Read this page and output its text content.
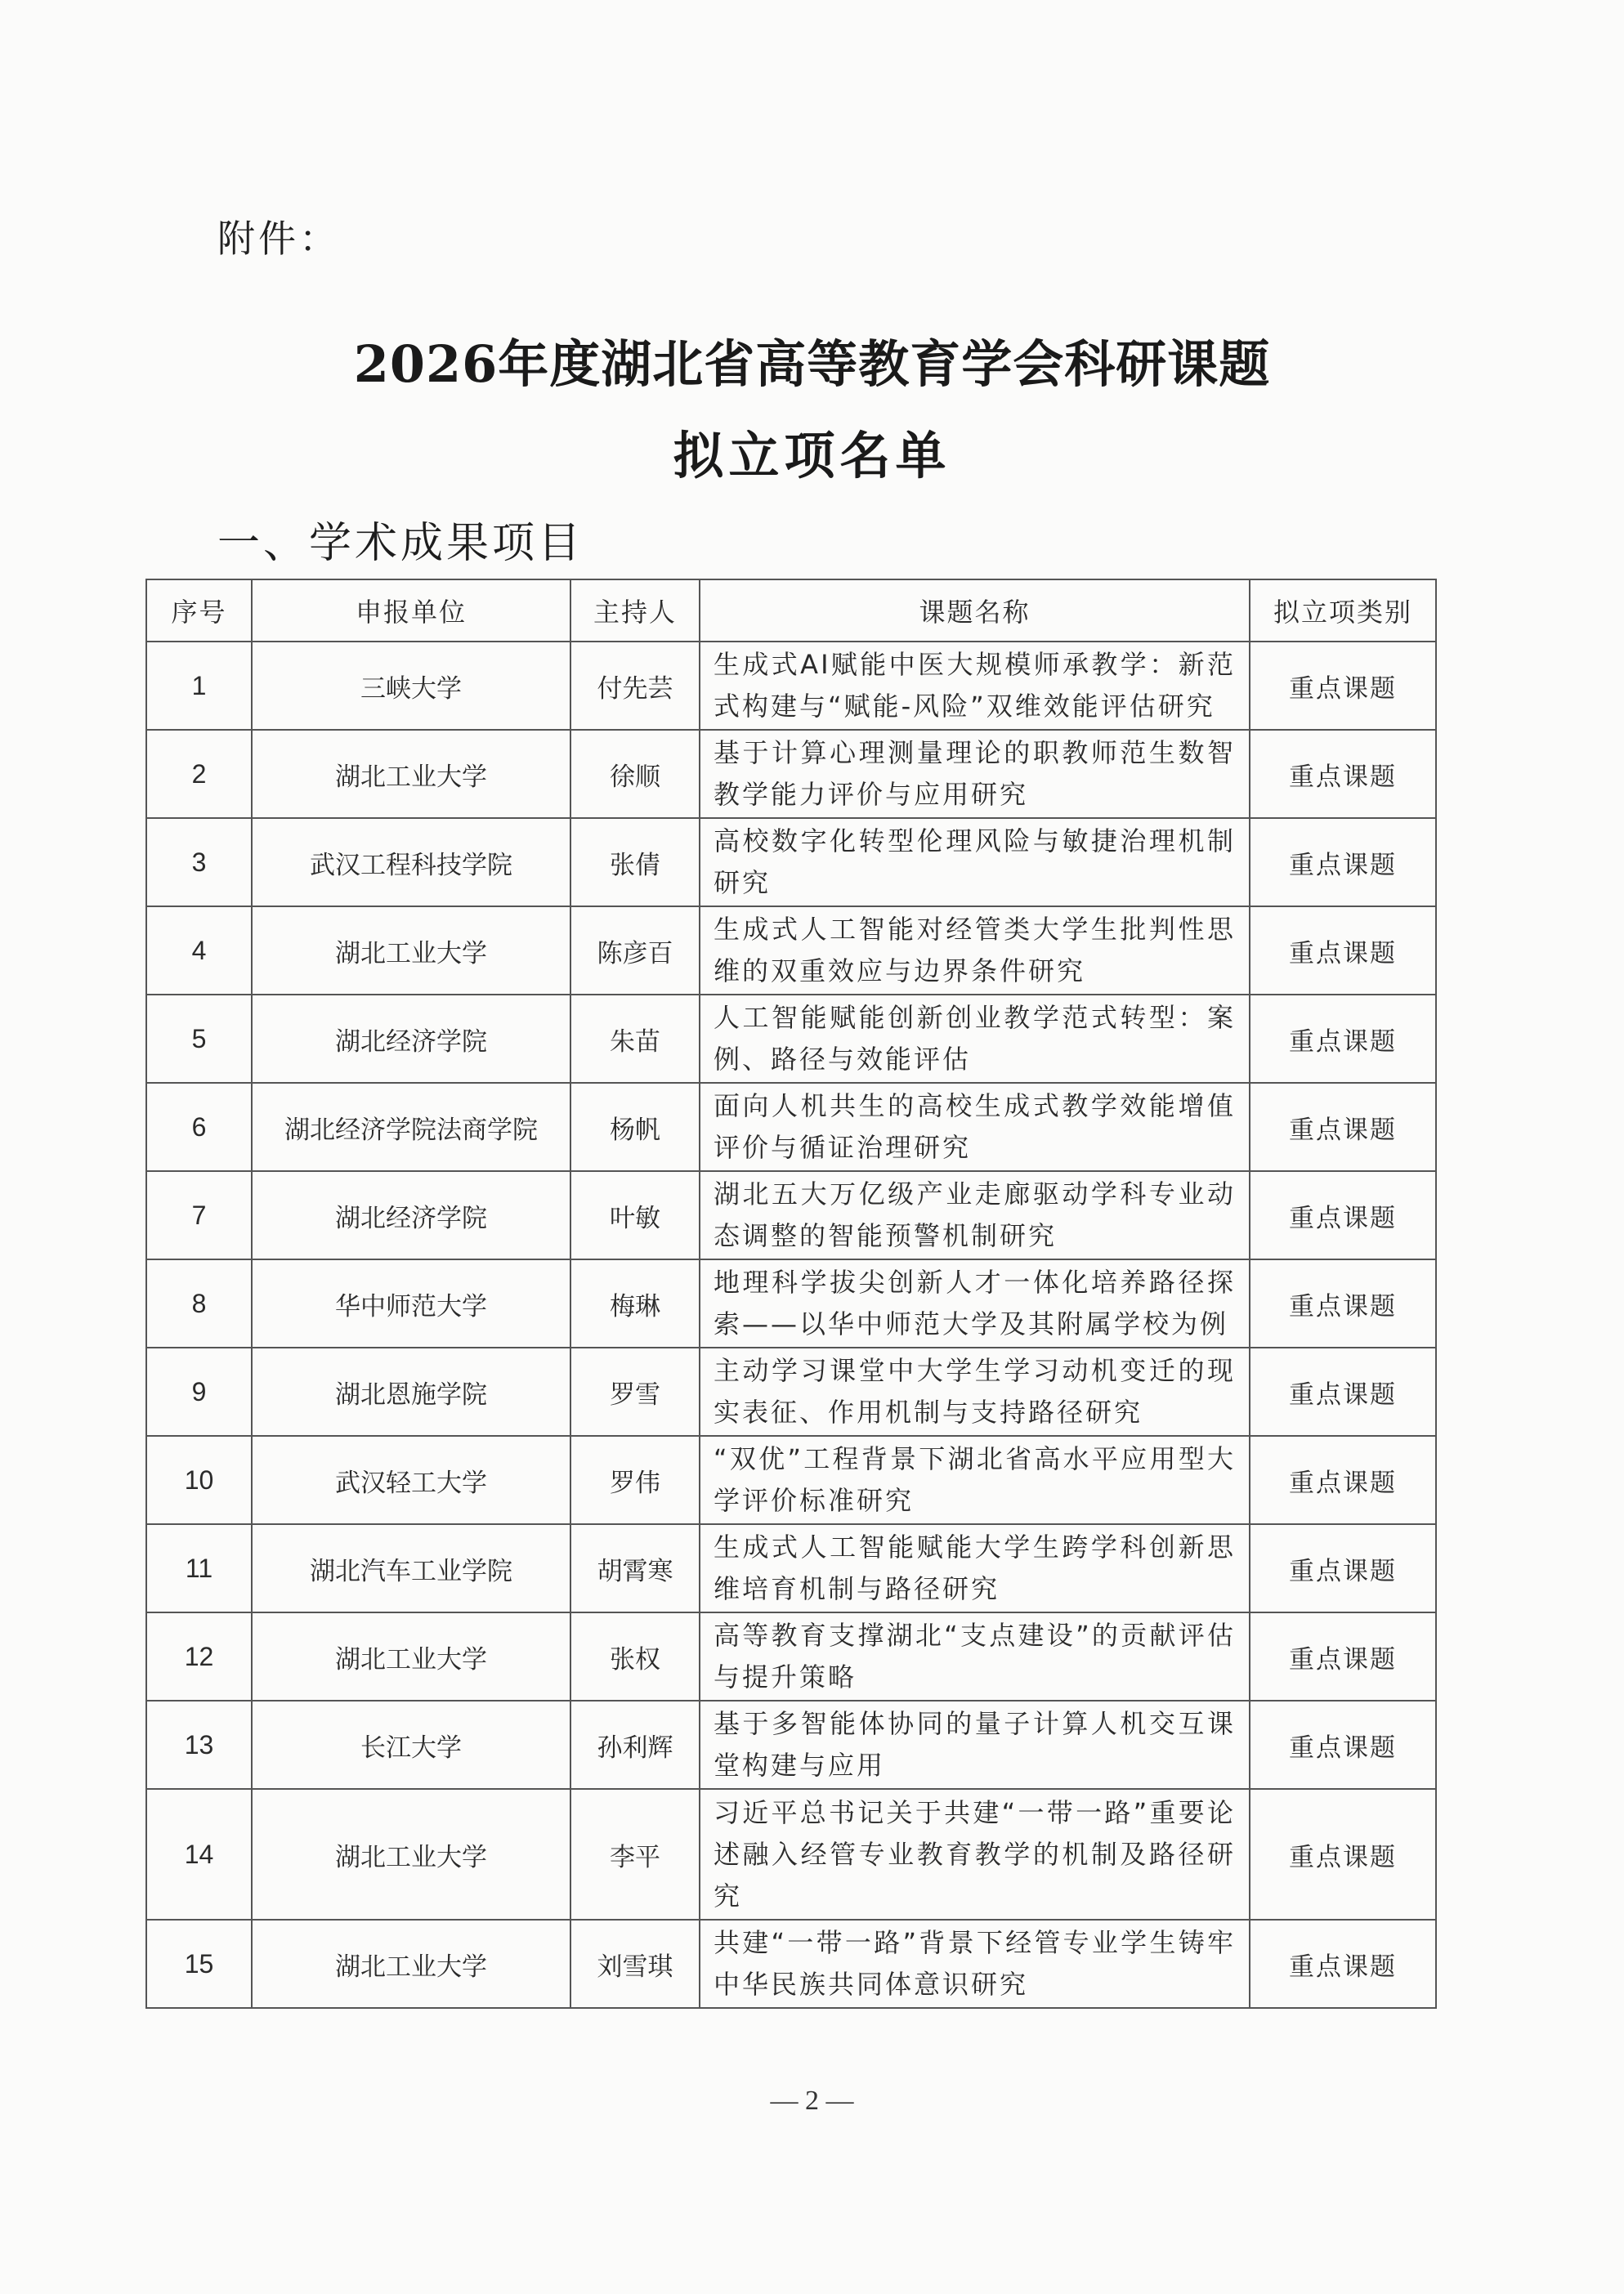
附件：
2026年度湖北省高等教育学会科研课题
拟立项名单
一、学术成果项目
序号	申报单位	主持人	课题名称	拟立项类别
1	三峡大学	付先芸	生成式AI赋能中医大规模师承教学：新范式构建与“赋能-风险”双维效能评估研究	重点课题
2	湖北工业大学	徐顺	基于计算心理测量理论的职教师范生数智教学能力评价与应用研究	重点课题
3	武汉工程科技学院	张倩	高校数字化转型伦理风险与敏捷治理机制研究	重点课题
4	湖北工业大学	陈彦百	生成式人工智能对经管类大学生批判性思维的双重效应与边界条件研究	重点课题
5	湖北经济学院	朱苗	人工智能赋能创新创业教学范式转型：案例、路径与效能评估	重点课题
6	湖北经济学院法商学院	杨帆	面向人机共生的高校生成式教学效能增值评价与循证治理研究	重点课题
7	湖北经济学院	叶敏	湖北五大万亿级产业走廊驱动学科专业动态调整的智能预警机制研究	重点课题
8	华中师范大学	梅琳	地理科学拔尖创新人才一体化培养路径探索——以华中师范大学及其附属学校为例	重点课题
9	湖北恩施学院	罗雪	主动学习课堂中大学生学习动机变迁的现实表征、作用机制与支持路径研究	重点课题
10	武汉轻工大学	罗伟	“双优”工程背景下湖北省高水平应用型大学评价标准研究	重点课题
11	湖北汽车工业学院	胡霄寒	生成式人工智能赋能大学生跨学科创新思维培育机制与路径研究	重点课题
12	湖北工业大学	张权	高等教育支撑湖北“支点建设”的贡献评估与提升策略	重点课题
13	长江大学	孙利辉	基于多智能体协同的量子计算人机交互课堂构建与应用	重点课题
14	湖北工业大学	李平	习近平总书记关于共建“一带一路”重要论述融入经管专业教育教学的机制及路径研究	重点课题
15	湖北工业大学	刘雪琪	共建“一带一路”背景下经管专业学生铸牢中华民族共同体意识研究	重点课题
— 2 —
